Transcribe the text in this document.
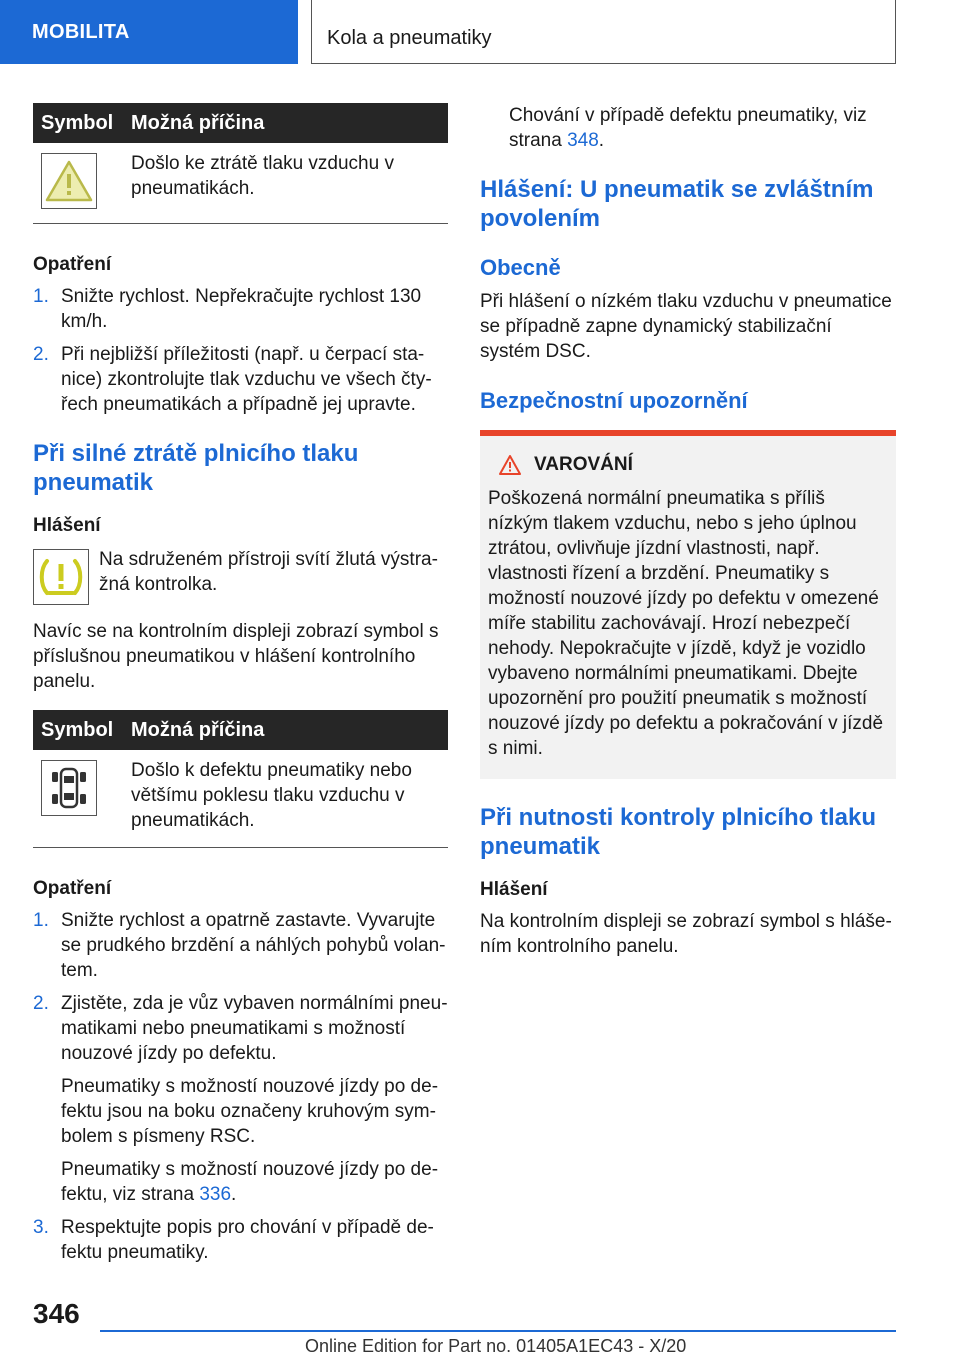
MOBILITA	Kola a pneumatiky
Symbol	Možná příčina

	Došlo ke ztrátě tlaku vzduchu v pneumatikách.
Opatření
1. Snižte rychlost. Nepřekračujte rychlost 130 km/h.
2. Při nejbližší příležitosti (např. u čerpací stanice) zkontrolujte tlak vzduchu ve všech čtyřech pneumatikách a případně jej upravte.
Při silné ztrátě plnicího tlaku pneumatik
Hlášení
Na sdruženém přístroji svítí žlutá výstražná kontrolka.

Navíc se na kontrolním displeji zobrazí symbol s příslušnou pneumatikou v hlášení kontrolního panelu.

Symbol	Možná příčina

	Došlo k defektu pneumatiky nebo většímu poklesu tlaku vzduchu v pneumatikách.
Opatření
1. Snižte rychlost a opatrně zastavte. Vyvarujte se prudkého brzdění a náhlých pohybů volantem.
2. Zjistěte, zda je vůz vybaven normálními pneumatikami nebo pneumatikami s možností nouzové jízdy po defektu.

Pneumatiky s možností nouzové jízdy po defektu jsou na boku označeny kruhovým symbolem s písmeny RSC.

Pneumatiky s možností nouzové jízdy po defektu, viz strana 336.

3. Respektujte popis pro chování v případě defektu pneumatiky.

Chování v případě defektu pneumatiky, viz strana 348.

Hlášení: U pneumatik se zvláštním povolením
Obecně

Při hlášení o nízkém tlaku vzduchu v pneumatice se případně zapne dynamický stabilizační systém DSC.

Bezpečnostní upozornění
VAROVÁNÍ
Poškozená normální pneumatika s příliš nízkým tlakem vzduchu, nebo s jeho úplnou ztrátou, ovlivňuje jízdní vlastnosti, např. vlastnosti řízení a brzdění. Pneumatiky s možností nouzové jízdy po defektu v omezené míře stabilitu zachovávají. Hrozí nebezpečí nehody. Nepokračujte v jízdě, když je vozidlo vybaveno normálními pneumatikami. Dbejte upozornění pro použití pneumatik s možností nouzové jízdy po defektu a pokračování v jízdě s nimi.
Při nutnosti kontroly plnicího tlaku pneumatik
Hlášení

Na kontrolním displeji se zobrazí symbol s hlášením kontrolního panelu.

346
Online Edition for Part no. 01405A1EC43 - X/20
